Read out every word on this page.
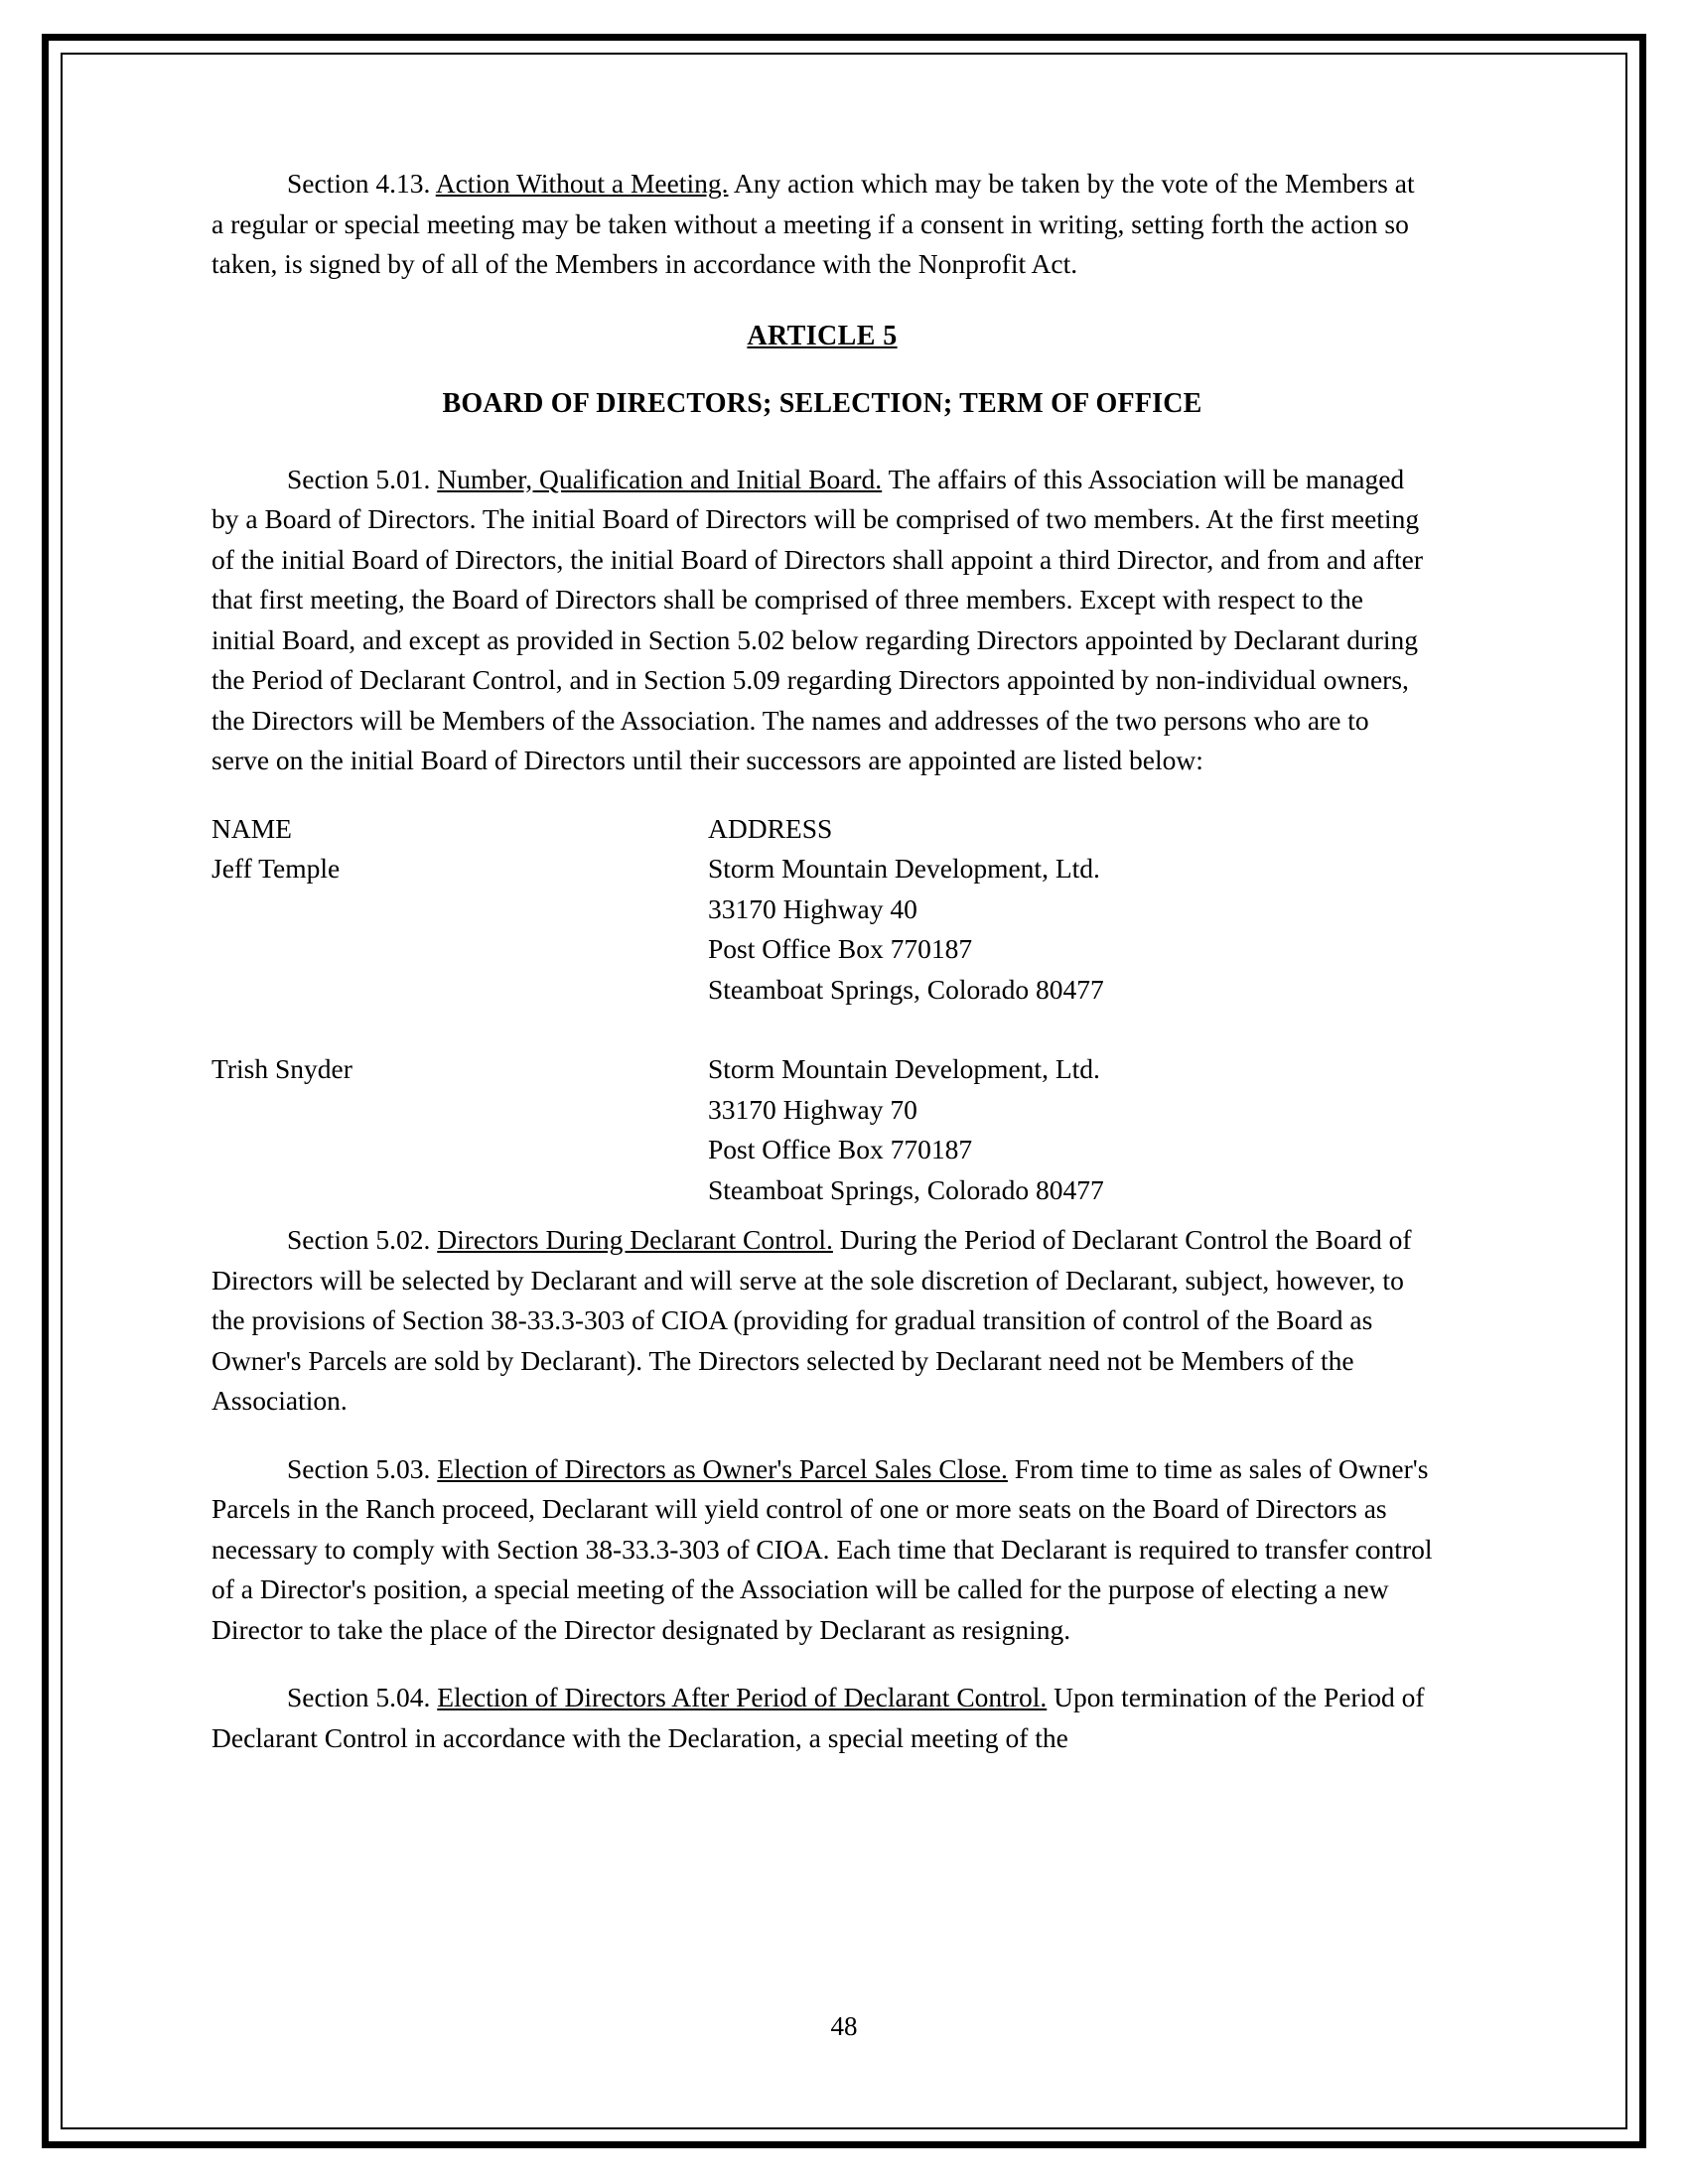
Section 4.13. Action Without a Meeting. Any action which may be taken by the vote of the Members at a regular or special meeting may be taken without a meeting if a consent in writing, setting forth the action so taken, is signed by of all of the Members in accordance with the Nonprofit Act.

ARTICLE 5
BOARD OF DIRECTORS; SELECTION; TERM OF OFFICE

Section 5.01. Number, Qualification and Initial Board. The affairs of this Association will be managed by a Board of Directors. The initial Board of Directors will be comprised of two members. At the first meeting of the initial Board of Directors, the initial Board of Directors shall appoint a third Director, and from and after that first meeting, the Board of Directors shall be comprised of three members. Except with respect to the initial Board, and except as provided in Section 5.02 below regarding Directors appointed by Declarant during the Period of Declarant Control, and in Section 5.09 regarding Directors appointed by non-individual owners, the Directors will be Members of the Association. The names and addresses of the two persons who are to serve on the initial Board of Directors until their successors are appointed are listed below:

NAME	ADDRESS
Jeff Temple	Storm Mountain Development, Ltd.
33170 Highway 40
Post Office Box 770187
Steamboat Springs, Colorado 80477

Trish Snyder	Storm Mountain Development, Ltd.
33170 Highway 70
Post Office Box 770187
Steamboat Springs, Colorado 80477

Section 5.02. Directors During Declarant Control. During the Period of Declarant Control the Board of Directors will be selected by Declarant and will serve at the sole discretion of Declarant, subject, however, to the provisions of Section 38-33.3-303 of CIOA (providing for gradual transition of control of the Board as Owner's Parcels are sold by Declarant). The Directors selected by Declarant need not be Members of the Association.

Section 5.03. Election of Directors as Owner's Parcel Sales Close. From time to time as sales of Owner's Parcels in the Ranch proceed, Declarant will yield control of one or more seats on the Board of Directors as necessary to comply with Section 38-33.3-303 of CIOA. Each time that Declarant is required to transfer control of a Director's position, a special meeting of the Association will be called for the purpose of electing a new Director to take the place of the Director designated by Declarant as resigning.

Section 5.04. Election of Directors After Period of Declarant Control. Upon termination of the Period of Declarant Control in accordance with the Declaration, a special meeting of the

48
